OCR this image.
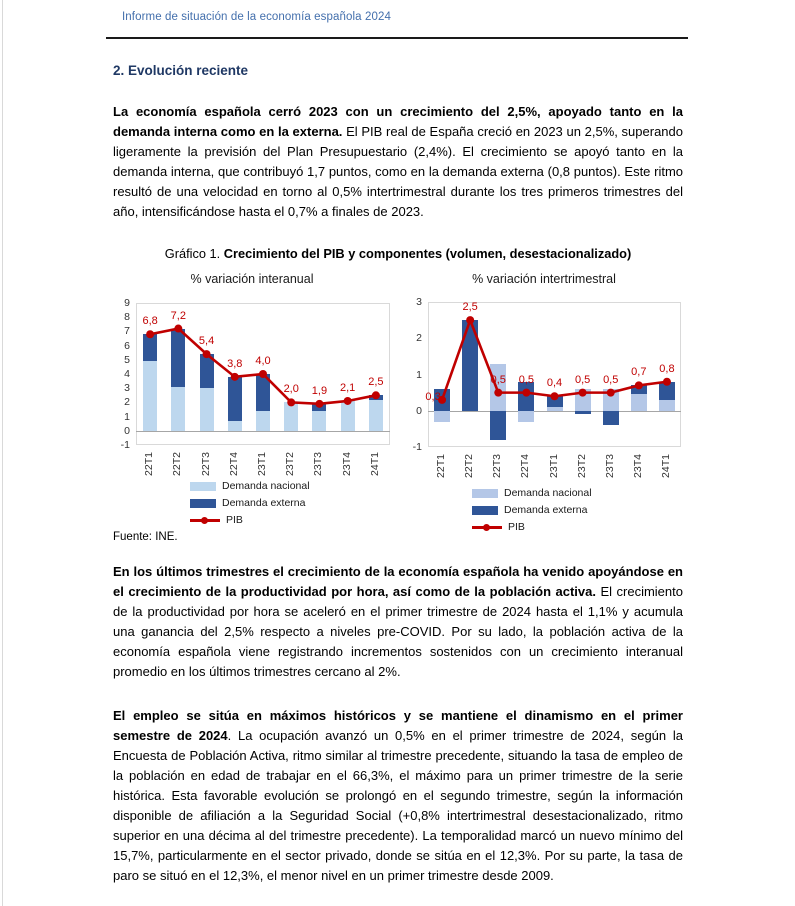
Informe de situación de la economía española 2024
2. Evolución reciente

La economía española cerró 2023 con un crecimiento del 2,5%, apoyado tanto en la demanda interna como en la externa. El PIB real de España creció en 2023 un 2,5%, superando ligeramente la previsión del Plan Presupuestario (2,4%). El crecimiento se apoyó tanto en la demanda interna, que contribuyó 1,7 puntos, como en la demanda externa (0,8 puntos). Este ritmo resultó de una velocidad en torno al 0,5% intertrimestral durante los tres primeros trimestres del año, intensificándose hasta el 0,7% a finales de 2023.

Gráfico 1. Crecimiento del PIB y componentes (volumen, desestacionalizado)
% variación interanual
9
8
7
6
5
4
3
2
1
0
-1
6,8	7,2
5,4
3,8	4,0
2,0	1,9	2,1	2,5
22T1 22T2 22T3 22T4 23T1 23T2 23T3 23T4 24T1
Demanda nacional
Demanda externa
PIB
% variación intertrimestral
3
2
1
0
-1
0,3
2,5
0,5	0,5	0,4	0,5	0,5
0,7	0,8
22T1 22T2 22T3 22T4 23T1 23T2 23T3 23T4 24T1
Demanda nacional
Demanda externa
PIB
Fuente: INE.

En los últimos trimestres el crecimiento de la economía española ha venido apoyándose en el crecimiento de la productividad por hora, así como de la población activa. El crecimiento de la productividad por hora se aceleró en el primer trimestre de 2024 hasta el 1,1% y acumula una ganancia del 2,5% respecto a niveles pre-COVID. Por su lado, la población activa de la economía española viene registrando incrementos sostenidos con un crecimiento interanual promedio en los últimos trimestres cercano al 2%.

El empleo se sitúa en máximos históricos y se mantiene el dinamismo en el primer semestre de 2024. La ocupación avanzó un 0,5% en el primer trimestre de 2024, según la Encuesta de Población Activa, ritmo similar al trimestre precedente, situando la tasa de empleo de la población en edad de trabajar en el 66,3%, el máximo para un primer trimestre de la serie histórica. Esta favorable evolución se prolongó en el segundo trimestre, según la información disponible de afiliación a la Seguridad Social (+0,8% intertrimestral desestacionalizado, ritmo superior en una décima al del trimestre precedente). La temporalidad marcó un nuevo mínimo del 15,7%, particularmente en el sector privado, donde se sitúa en el 12,3%. Por su parte, la tasa de paro se situó en el 12,3%, el menor nivel en un primer trimestre desde 2009.
